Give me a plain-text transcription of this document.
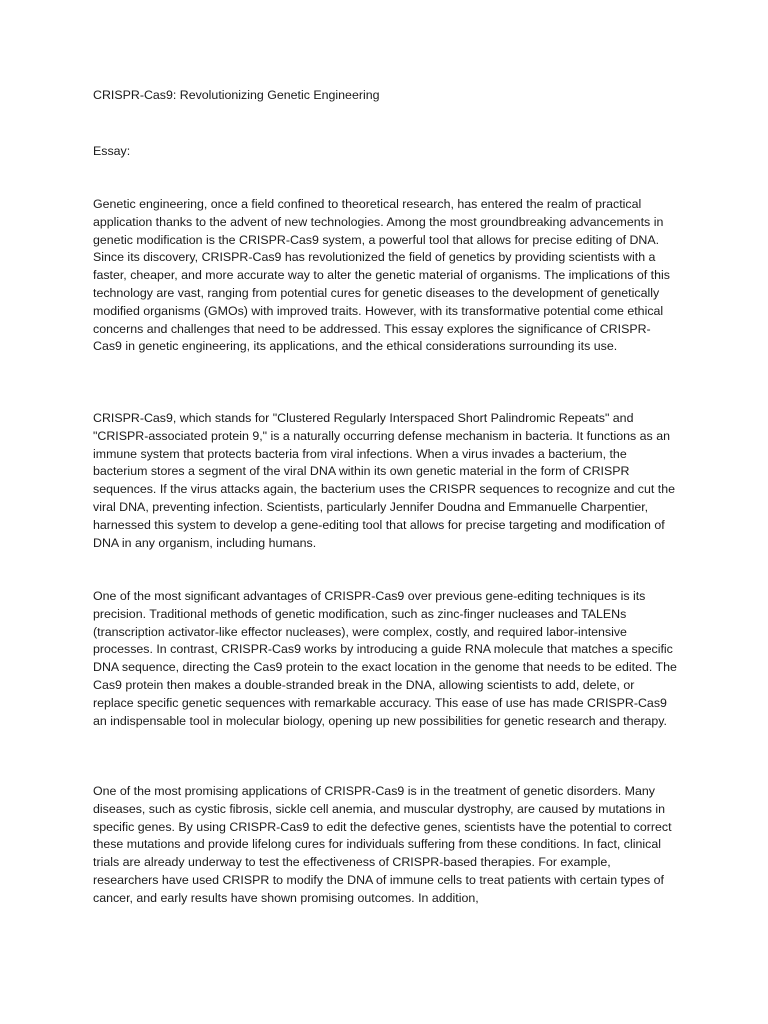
CRISPR-Cas9: Revolutionizing Genetic Engineering

Essay:

Genetic engineering, once a field confined to theoretical research, has entered the realm of practical application thanks to the advent of new technologies. Among the most groundbreaking advancements in genetic modification is the CRISPR-Cas9 system, a powerful tool that allows for precise editing of DNA. Since its discovery, CRISPR-Cas9 has revolutionized the field of genetics by providing scientists with a faster, cheaper, and more accurate way to alter the genetic material of organisms. The implications of this technology are vast, ranging from potential cures for genetic diseases to the development of genetically modified organisms (GMOs) with improved traits. However, with its transformative potential come ethical concerns and challenges that need to be addressed. This essay explores the significance of CRISPR-Cas9 in genetic engineering, its applications, and the ethical considerations surrounding its use.

CRISPR-Cas9, which stands for "Clustered Regularly Interspaced Short Palindromic Repeats" and "CRISPR-associated protein 9," is a naturally occurring defense mechanism in bacteria. It functions as an immune system that protects bacteria from viral infections. When a virus invades a bacterium, the bacterium stores a segment of the viral DNA within its own genetic material in the form of CRISPR sequences. If the virus attacks again, the bacterium uses the CRISPR sequences to recognize and cut the viral DNA, preventing infection. Scientists, particularly Jennifer Doudna and Emmanuelle Charpentier, harnessed this system to develop a gene-editing tool that allows for precise targeting and modification of DNA in any organism, including humans.

One of the most significant advantages of CRISPR-Cas9 over previous gene-editing techniques is its precision. Traditional methods of genetic modification, such as zinc-finger nucleases and TALENs (transcription activator-like effector nucleases), were complex, costly, and required labor-intensive processes. In contrast, CRISPR-Cas9 works by introducing a guide RNA molecule that matches a specific DNA sequence, directing the Cas9 protein to the exact location in the genome that needs to be edited. The Cas9 protein then makes a double-stranded break in the DNA, allowing scientists to add, delete, or replace specific genetic sequences with remarkable accuracy. This ease of use has made CRISPR-Cas9 an indispensable tool in molecular biology, opening up new possibilities for genetic research and therapy.

One of the most promising applications of CRISPR-Cas9 is in the treatment of genetic disorders. Many diseases, such as cystic fibrosis, sickle cell anemia, and muscular dystrophy, are caused by mutations in specific genes. By using CRISPR-Cas9 to edit the defective genes, scientists have the potential to correct these mutations and provide lifelong cures for individuals suffering from these conditions. In fact, clinical trials are already underway to test the effectiveness of CRISPR-based therapies. For example, researchers have used CRISPR to modify the DNA of immune cells to treat patients with certain types of cancer, and early results have shown promising outcomes. In addition,
